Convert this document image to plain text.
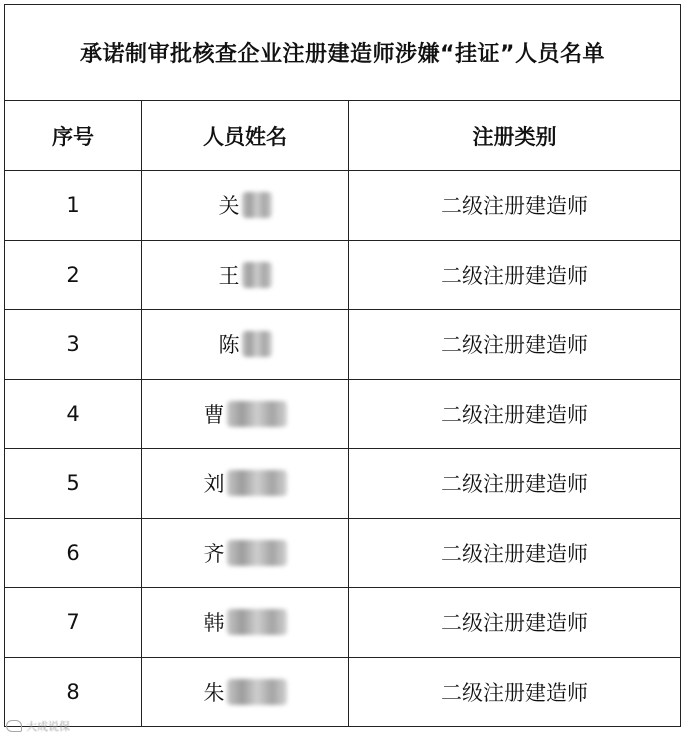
承诺制审批核查企业注册建造师涉嫌“挂证”人员名单		
序号	人员姓名	注册类别
1	关	二级注册建造师
2	王	二级注册建造师
3	陈	二级注册建造师
4	曹	二级注册建造师
5	刘	二级注册建造师
6	齐	二级注册建造师
7	韩	二级注册建造师
8	朱	二级注册建造师
大成说保
